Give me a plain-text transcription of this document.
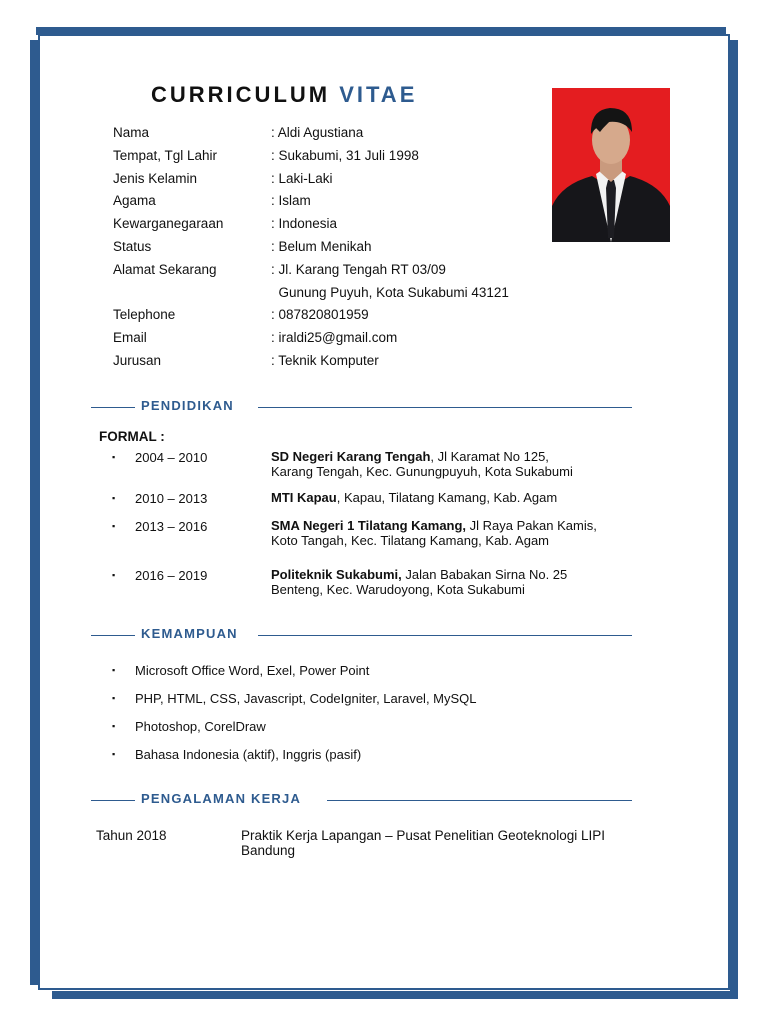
CURRICULUM VITAE
Nama	: Aldi Agustiana
Tempat, Tgl Lahir	: Sukabumi, 31 Juli 1998
Jenis Kelamin	: Laki-Laki
Agama	: Islam
Kewarganegaraan	: Indonesia
Status	: Belum Menikah
Alamat Sekarang	: Jl. Karang Tengah RT 03/09
Gunung Puyuh, Kota Sukabumi 43121
Telephone	: 087820801959
Email	: iraldi25@gmail.com
Jurusan	: Teknik Komputer
PENDIDIKAN
FORMAL :
▪ 2004 – 2010	SD Negeri Karang Tengah, Jl Karamat No 125,
Karang Tengah, Kec. Gunungpuyuh, Kota Sukabumi
▪ 2010 – 2013	MTI Kapau, Kapau, Tilatang Kamang, Kab. Agam

▪ 2013 – 2016	SMA Negeri 1 Tilatang Kamang, Jl Raya Pakan Kamis,
Koto Tangah, Kec. Tilatang Kamang, Kab. Agam
▪ 2016 – 2019	Politeknik Sukabumi, Jalan Babakan Sirna No. 25
Benteng, Kec. Warudoyong, Kota Sukabumi
KEMAMPUAN
▪ Microsoft Office Word, Exel, Power Point
▪ PHP, HTML, CSS, Javascript, CodeIgniter, Laravel, MySQL
▪ Photoshop, CorelDraw
▪ Bahasa Indonesia (aktif), Inggris (pasif)
PENGALAMAN KERJA
Tahun 2018	Praktik Kerja Lapangan – Pusat Penelitian Geoteknologi LIPI Bandung
